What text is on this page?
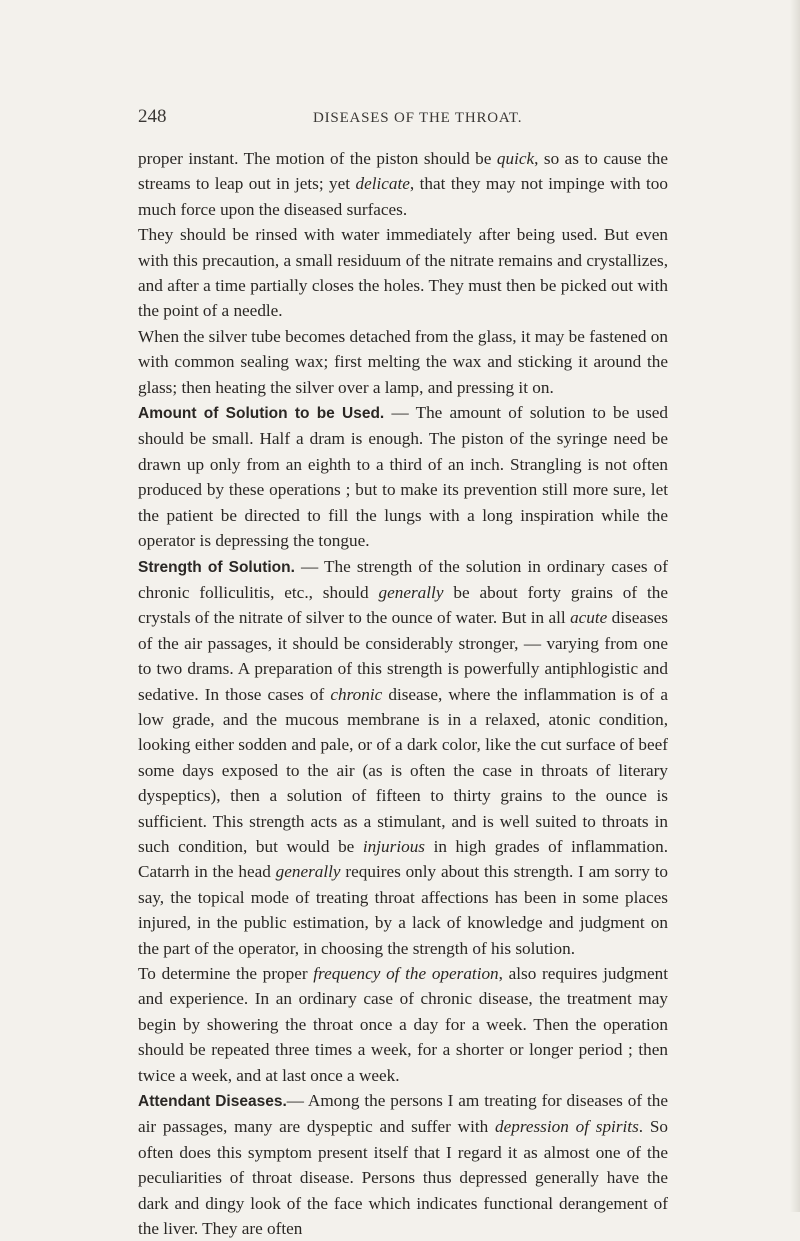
248	DISEASES OF THE THROAT.

proper instant. The motion of the piston should be quick, so as to cause the streams to leap out in jets; yet delicate, that they may not impinge with too much force upon the diseased surfaces.

They should be rinsed with water immediately after being used. But even with this precaution, a small residuum of the nitrate remains and crystallizes, and after a time partially closes the holes. They must then be picked out with the point of a needle.

When the silver tube becomes detached from the glass, it may be fastened on with common sealing wax; first melting the wax and sticking it around the glass; then heating the silver over a lamp, and pressing it on.

Amount of Solution to be Used. — The amount of solution to be used should be small. Half a dram is enough. The piston of the syringe need be drawn up only from an eighth to a third of an inch. Strangling is not often produced by these operations ; but to make its prevention still more sure, let the patient be directed to fill the lungs with a long inspiration while the operator is depressing the tongue.

Strength of Solution. — The strength of the solution in ordinary cases of chronic folliculitis, etc., should generally be about forty grains of the crystals of the nitrate of silver to the ounce of water. But in all acute diseases of the air passages, it should be considerably stronger, — varying from one to two drams. A preparation of this strength is powerfully antiphlogistic and sedative. In those cases of chronic disease, where the inflammation is of a low grade, and the mucous membrane is in a relaxed, atonic condition, looking either sodden and pale, or of a dark color, like the cut surface of beef some days exposed to the air (as is often the case in throats of literary dyspeptics), then a solution of fifteen to thirty grains to the ounce is sufficient. This strength acts as a stimulant, and is well suited to throats in such condition, but would be injurious in high grades of inflammation. Catarrh in the head generally requires only about this strength. I am sorry to say, the topical mode of treating throat affections has been in some places injured, in the public estimation, by a lack of knowledge and judgment on the part of the operator, in choosing the strength of his solution.

To determine the proper frequency of the operation, also requires judgment and experience. In an ordinary case of chronic disease, the treatment may begin by showering the throat once a day for a week. Then the operation should be repeated three times a week, for a shorter or longer period ; then twice a week, and at last once a week.

Attendant Diseases.— Among the persons I am treating for diseases of the air passages, many are dyspeptic and suffer with depression of spirits. So often does this symptom present itself that I regard it as almost one of the peculiarities of throat disease. Persons thus depressed generally have the dark and dingy look of the face which indicates functional derangement of the liver. They are often
